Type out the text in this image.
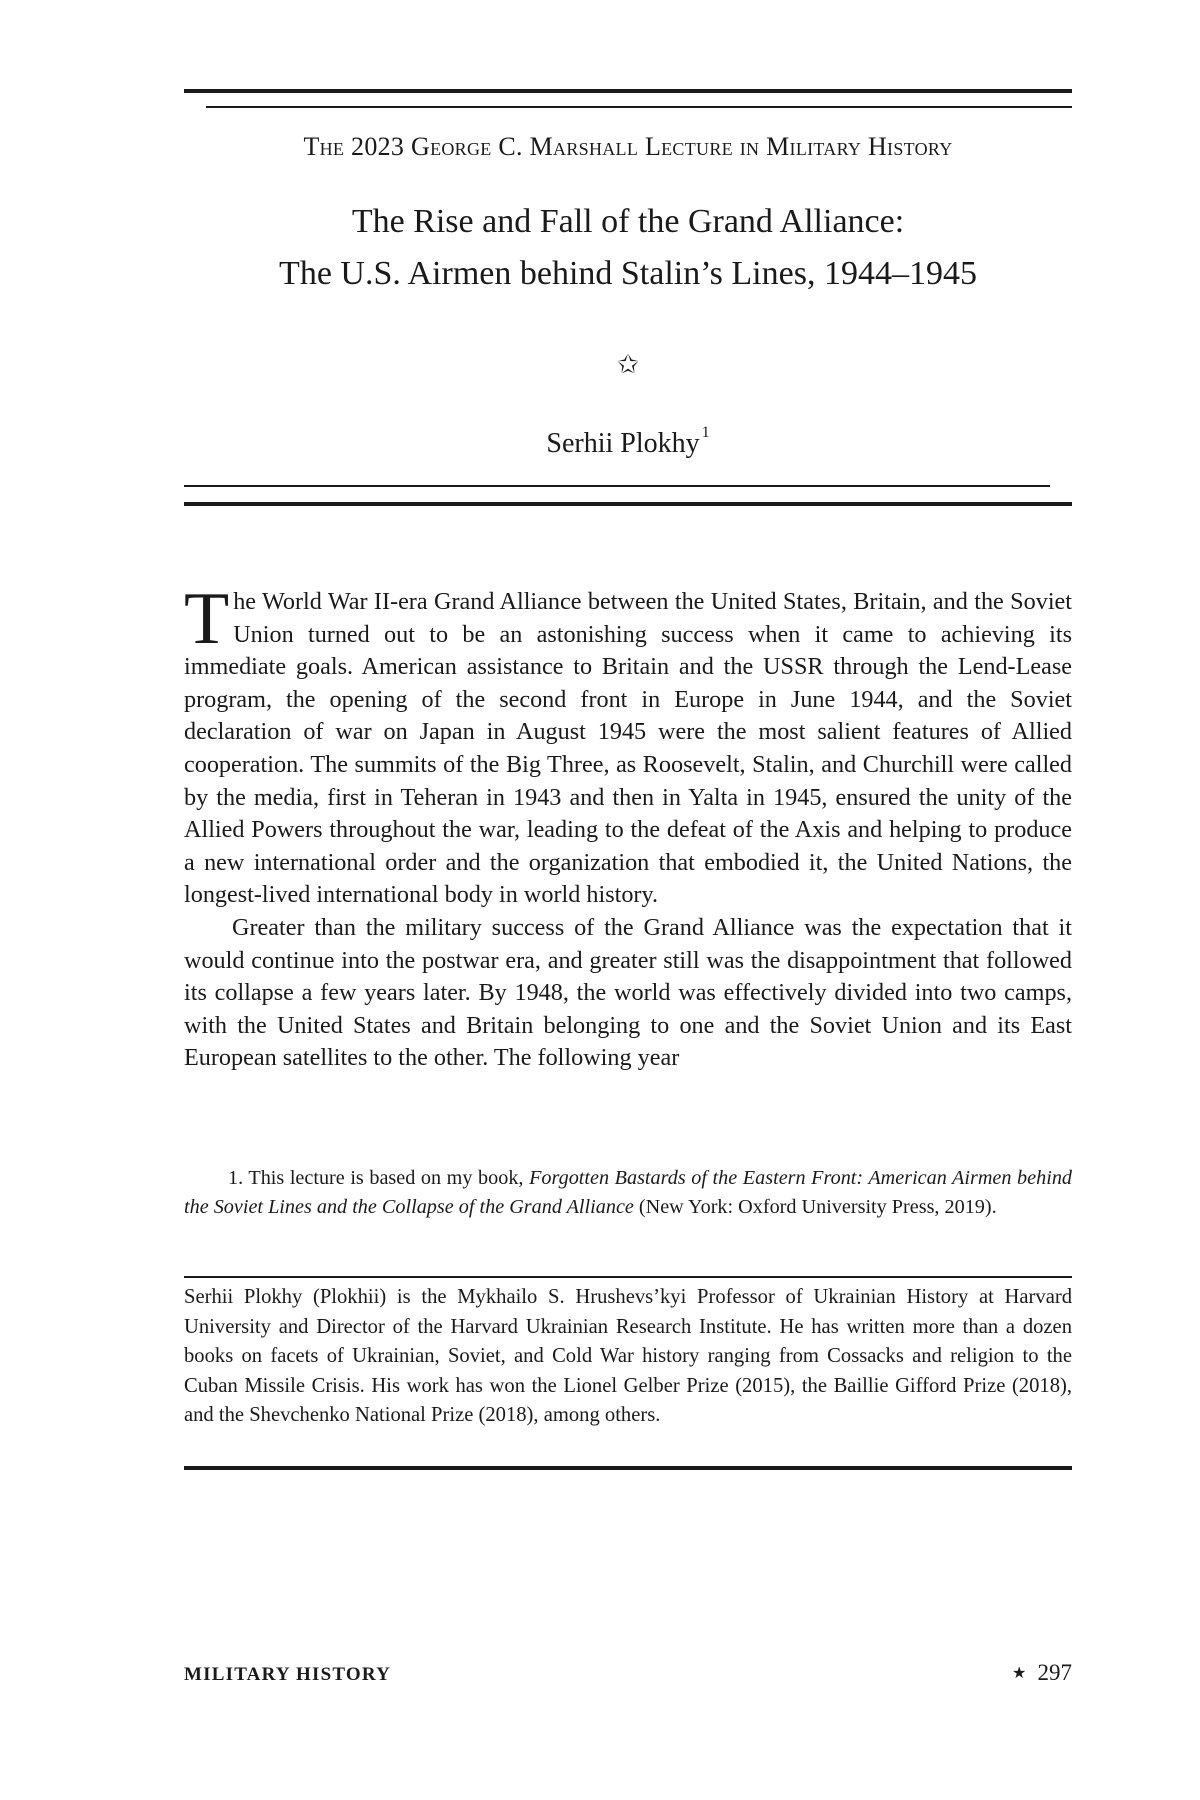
The 2023 George C. Marshall Lecture in Military History
The Rise and Fall of the Grand Alliance:
The U.S. Airmen behind Stalin’s Lines, 1944–1945
✩
Serhii Plokhy $^1$

The World War II-era Grand Alliance between the United States, Britain, and the Soviet Union turned out to be an astonishing success when it came to achieving its immediate goals. American assistance to Britain and the USSR through the Lend-Lease program, the opening of the second front in Europe in June 1944, and the Soviet declaration of war on Japan in August 1945 were the most salient features of Allied cooperation. The summits of the Big Three, as Roosevelt, Stalin, and Churchill were called by the media, first in Teheran in 1943 and then in Yalta in 1945, ensured the unity of the Allied Powers throughout the war, leading to the defeat of the Axis and helping to produce a new international order and the organization that embodied it, the United Nations, the longest-lived international body in world history.

Greater than the military success of the Grand Alliance was the expectation that it would continue into the postwar era, and greater still was the disappointment that followed its collapse a few years later. By 1948, the world was effectively divided into two camps, with the United States and Britain belonging to one and the Soviet Union and its East European satellites to the other. The following year

1. This lecture is based on my book, Forgotten Bastards of the Eastern Front: American Airmen behind the Soviet Lines and the Collapse of the Grand Alliance (New York: Oxford University Press, 2019).
Serhii Plokhy (Plokhii) is the Mykhailo S. Hrushevs’kyi Professor of Ukrainian History at Harvard University and Director of the Harvard Ukrainian Research Institute. He has written more than a dozen books on facets of Ukrainian, Soviet, and Cold War history ranging from Cossacks and religion to the Cuban Missile Crisis. His work has won the Lionel Gelber Prize (2015), the Baillie Gifford Prize (2018), and the Shevchenko National Prize (2018), among others.
MILITARY HISTORY	★ 297
